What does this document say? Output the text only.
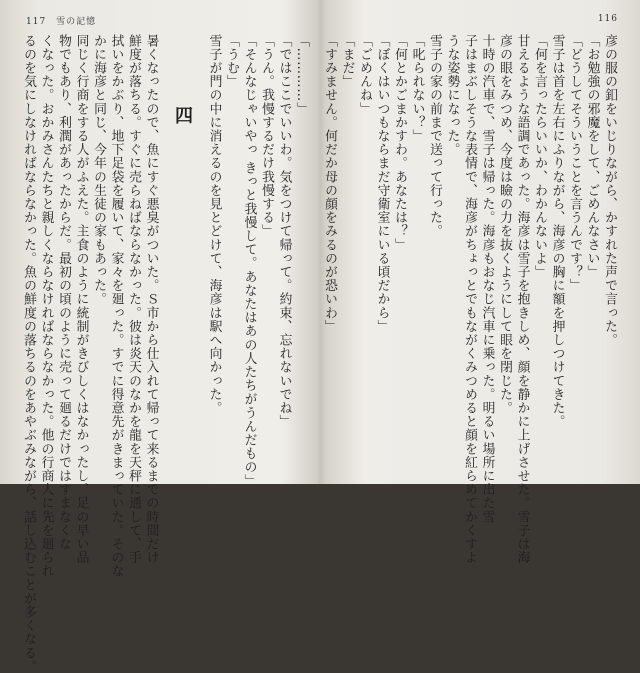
117 雪の記憶
「…………」
「ではここでいいわ。気をつけて帰って。約束、忘れないでね」
「うん。我慢するだけ我慢する」
「そんなじゃいやっ きっと我慢して。あなたはあの人たちがうんだもの」
「うむ」
雪子が門の中に消えるのを見とどけて、海彦は駅へ向かった。
四
暑くなったので、魚にすぐ悪臭がついた。Ｓ市から仕入れて帰って来るまでの時間だけ
鮮度が落ちる。すぐに売らねばならなかった。彼は炎天のなかを龍を天秤に通して、手
拭いをかぶり、地下足袋を履いて、家々を廻った。すでに得意先がきまっていた。そのな
かに海彦と同じ、今年の生徒の家もあった。
同じく行商をする人がふえた。主食のように統制がきびしくはなかったし、足の早い品
物でもあり、利潤があったからだ。最初の頃のように売って廻るだけではすまなくな
くなった。おかみさんたちと親しくならなければならなかった。他の行商人に先を廻られ
るのを気にしなければならなかった。魚の鮮度の落ちるのをあやぶみながら、話し込むことが多くなる。
116
彦の服の釦をいじりながら、かすれた声で言った。
「お勉強の邪魔をして、ごめんなさい」
「どうしてそういうことを言うんです？」
雪子は首を左右にふりながら、海彦の胸に額を押しつけてきた。
「何を言ったらいいか、わかんないよ」
甘えるような語調であった。海彦は雪子を抱きしめ、顔を静かに上げさせた。雪子は海
彦の眼をみつめ、今度は瞼の力を抜くようにして眼を閉じた。
十時の汽車で、雪子は帰った。海彦もおなじ汽車に乗った。明るい場所に出た雪
子はまぶしそうな表情で、海彦がちょっとでもながくみつめると顔を紅らめてかくすよ
うな姿勢になった。
雪子の家の前まで送って行った。
「叱られない？」
「何とかごまかすわ。あなたは？」
「ぼくはいつもならまだ守衛室にいる頃だから」
「ごめんね」
「まだ」
「すみません。何だか母の顔をみるのが恐いわ」
